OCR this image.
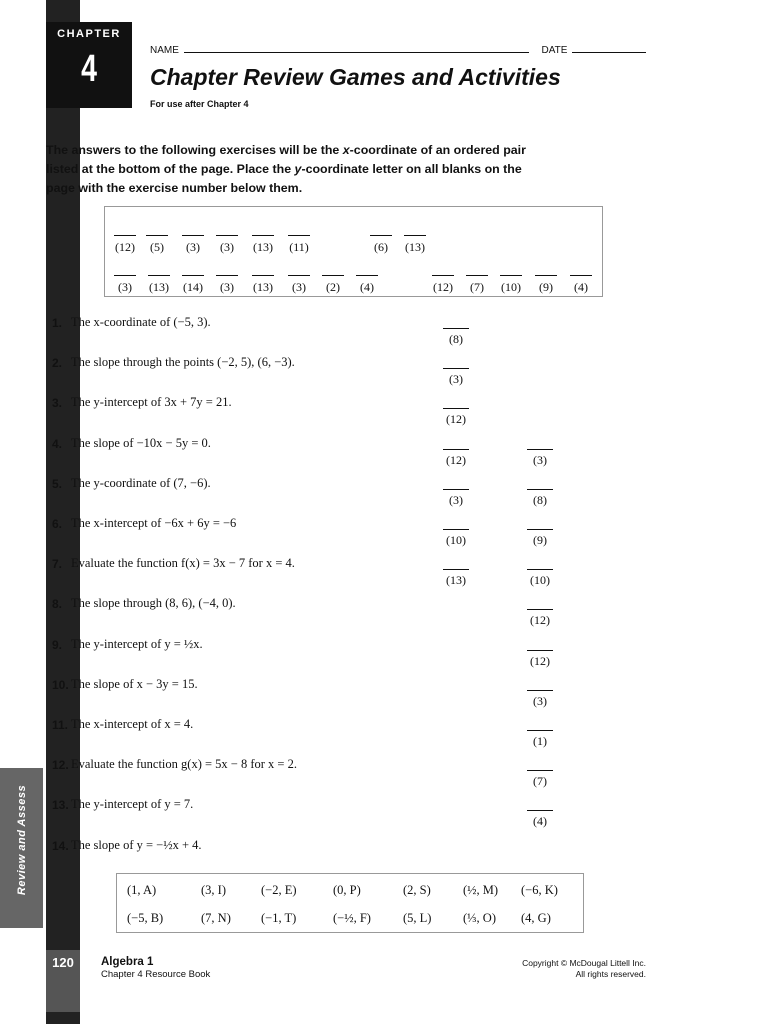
CHAPTER
4
Review and Assess
NAME	DATE
Chapter Review Games and Activities
For use after Chapter 4
The answers to the following exercises will be the x-coordinate of an ordered pair listed at the bottom of the page. Place the y-coordinate letter on all blanks on the page with the exercise number below them.
(12)	(5)	(3)	(3)	(13)	(11)	(6)	(13)
(3)	(13)	(14)	(3)	(13)	(3)	(2)	(4)	(12)	(7)	(10)	(9)	(4)
1. The x-coordinate of (−5, 3).
(8)
2. The slope through the points (−2, 5), (6, −3).
(3)
3. The y-intercept of 3x + 7y = 21.
(12)
4. The slope of −10x − 5y = 0.
(12)	(3)
5. The y-coordinate of (7, −6).
(3)	(8)
6. The x-intercept of −6x + 6y = −6
(10)	(9)
7. Evaluate the function f(x) = 3x − 7 for x = 4.
(13)	(10)
8. The slope through (8, 6), (−4, 0).
(12)
9. The y-intercept of y = ½x.
(12)
10. The slope of x − 3y = 15.
(3)
11. The x-intercept of x = 4.
(1)
12. Evaluate the function g(x) = 5x − 8 for x = 2.
(7)
13. The y-intercept of y = 7.
(4)
14. The slope of y = −½x + 4.
(1, A)	(3, I)	(−2, E)	(0, P)	(2, S)	(½, M) (−6, K)
(−5, B)	(7, N) (−1, T)	(−½, F)	(5, L)	(⅓, O) (4, G)
120	Algebra 1
Chapter 4 Resource Book
Copyright © McDougal Littell Inc.
All rights reserved.
